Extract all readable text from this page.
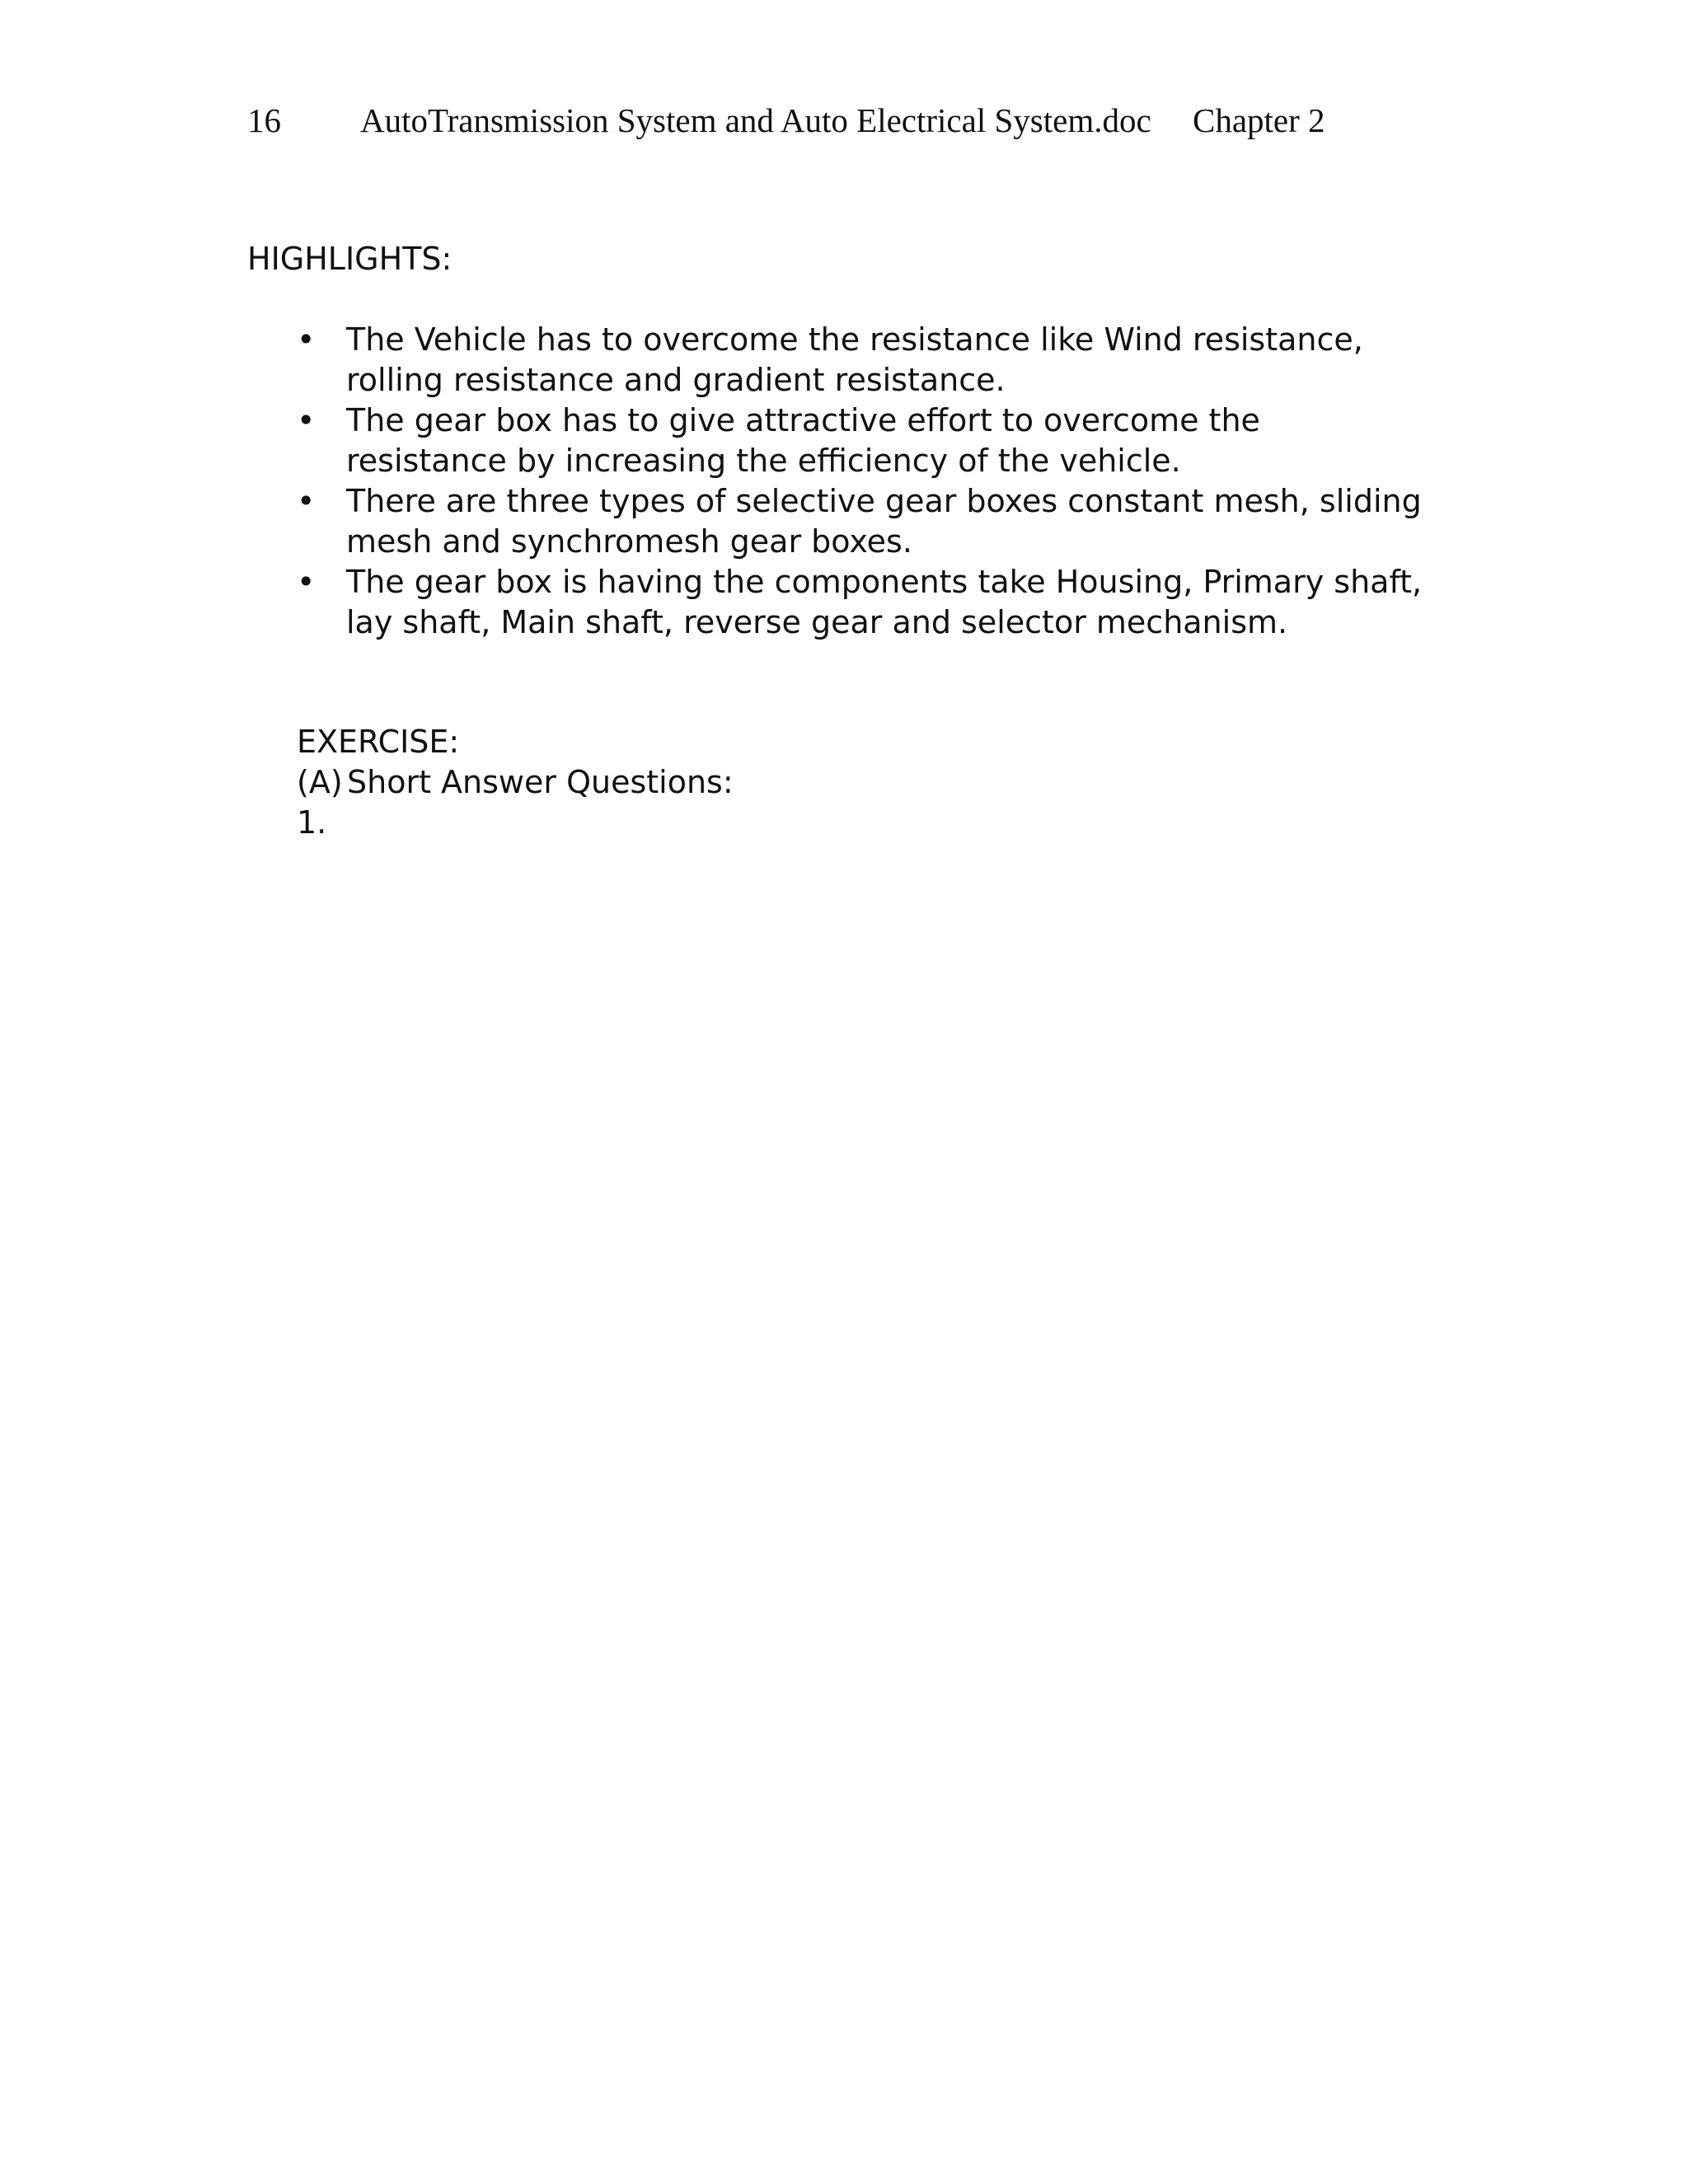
16 AutoTransmission System and Auto Electrical System.doc Chapter 2
HIGHLIGHTS:
• The Vehicle has to overcome the resistance like Wind resistance,
rolling resistance and gradient resistance.
• The gear box has to give attractive effort to overcome the
resistance by increasing the efficiency of the vehicle.
• There are three types of selective gear boxes constant mesh, sliding
mesh and synchromesh gear boxes.
• The gear box is having the components take Housing, Primary shaft,
lay shaft, Main shaft, reverse gear and selector mechanism.
EXERCISE:
(A) Short Answer Questions:
1.
